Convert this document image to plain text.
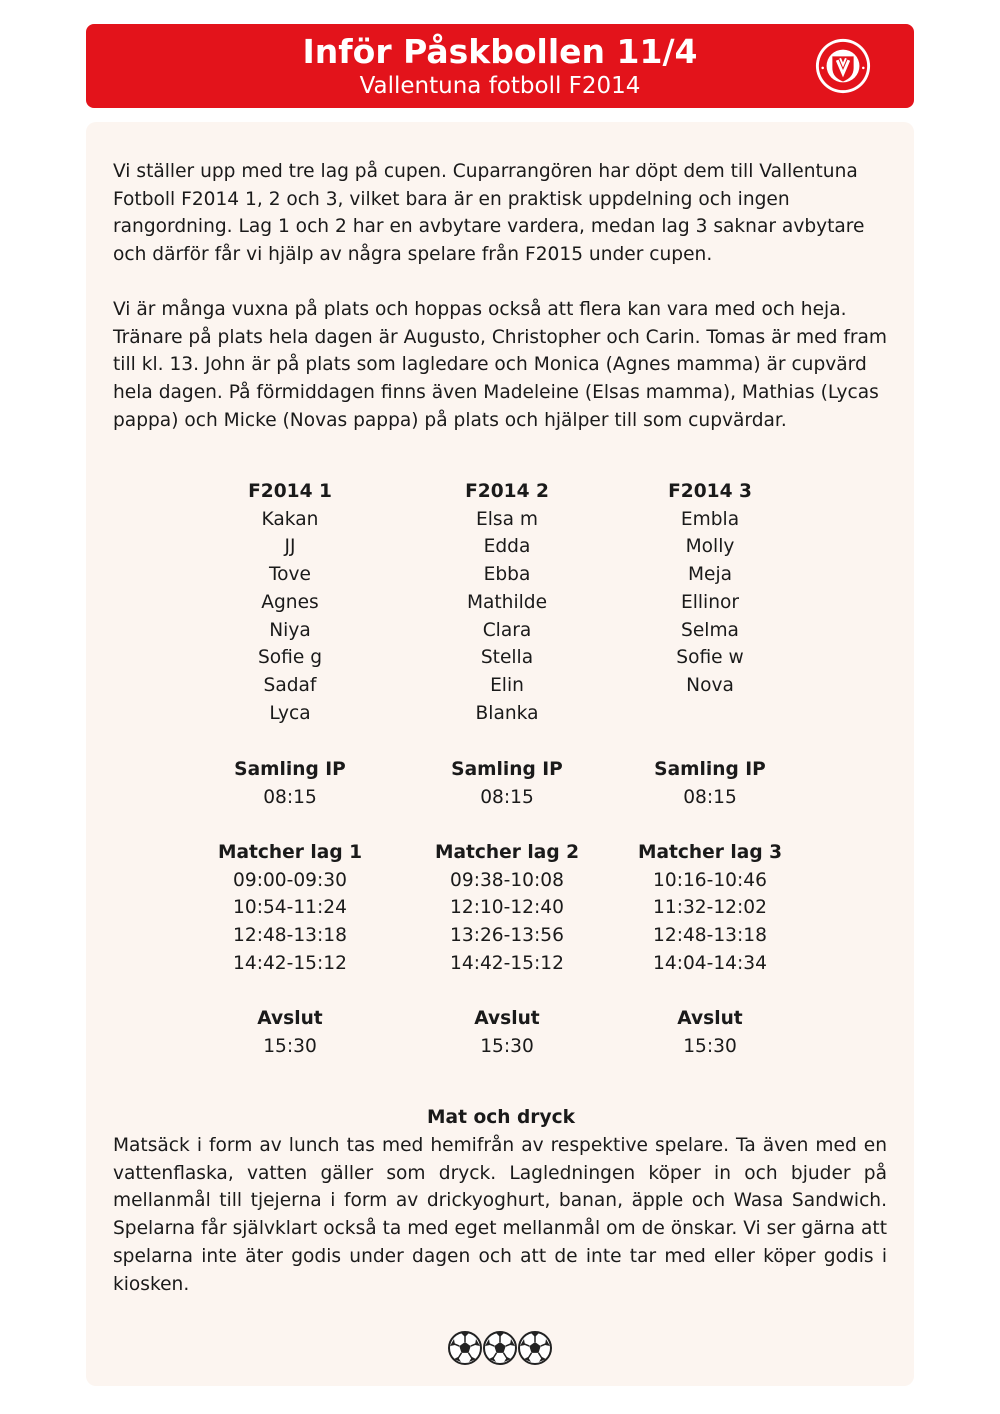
Inför Påskbollen 11/4
Vallentuna fotboll F2014

Vi ställer upp med tre lag på cupen. Cuparrangören har döpt dem till Vallentuna Fotboll F2014 1, 2 och 3, vilket bara är en praktisk uppdelning och ingen rangordning. Lag 1 och 2 har en avbytare vardera, medan lag 3 saknar avbytare och därför får vi hjälp av några spelare från F2015 under cupen.

Vi är många vuxna på plats och hoppas också att flera kan vara med och heja. Tränare på plats hela dagen är Augusto, Christopher och Carin. Tomas är med fram till kl. 13. John är på plats som lagledare och Monica (Agnes mamma) är cupvärd hela dagen. På förmiddagen finns även Madeleine (Elsas mamma), Mathias (Lycas pappa) och Micke (Novas pappa) på plats och hjälper till som cupvärdar.

F2014 1
Kakan
JJ
Tove
Agnes
Niya
Sofie g
Sadaf
Lyca
F2014 2
Elsa m
Edda
Ebba
Mathilde
Clara
Stella
Elin
Blanka
F2014 3
Embla
Molly
Meja
Ellinor
Selma
Sofie w
Nova
Samling IP
08:15
Samling IP
08:15
Samling IP
08:15
Matcher lag 1
09:00-09:30
10:54-11:24
12:48-13:18
14:42-15:12
Matcher lag 2
09:38-10:08
12:10-12:40
13:26-13:56
14:42-15:12
Matcher lag 3
10:16-10:46
11:32-12:02
12:48-13:18
14:04-14:34
Avslut
15:30
Avslut
15:30
Avslut
15:30
Mat och dryck

Matsäck i form av lunch tas med hemifrån av respektive spelare. Ta även med en vattenflaska, vatten gäller som dryck. Lagledningen köper in och bjuder på mellanmål till tjejerna i form av drickyoghurt, banan, äpple och Wasa Sandwich. Spelarna får självklart också ta med eget mellanmål om de önskar. Vi ser gärna att spelarna inte äter godis under dagen och att de inte tar med eller köper godis i kiosken.
